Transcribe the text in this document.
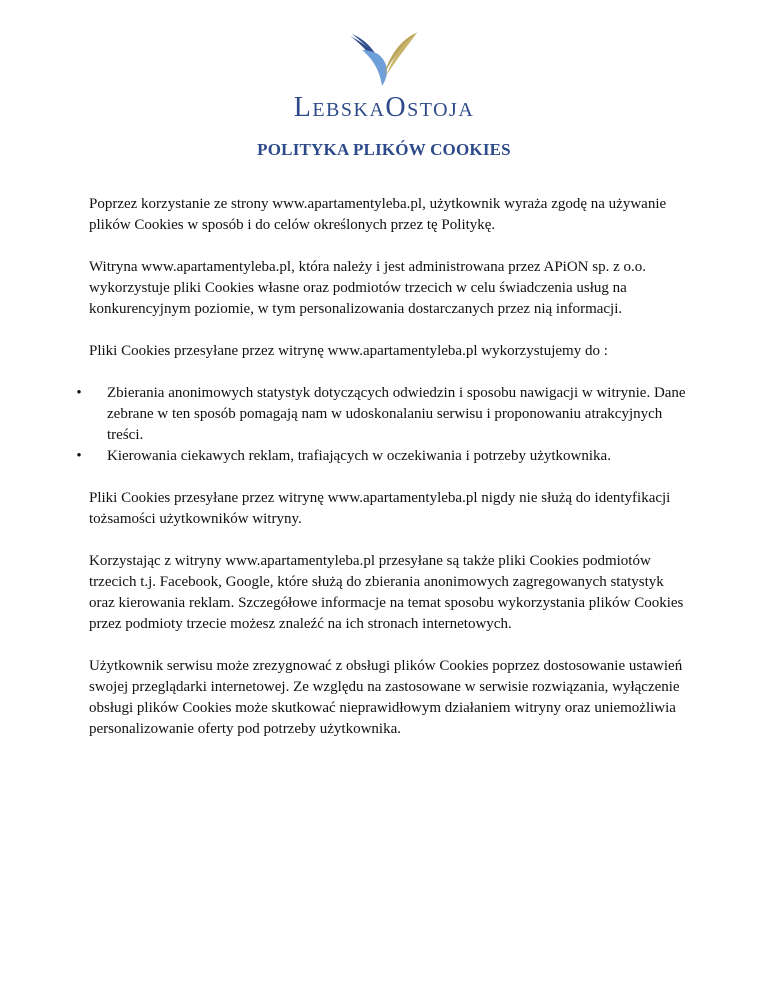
LebskaOstoja
POLITYKA PLIKÓW COOKIES

Poprzez korzystanie ze strony www.apartamentyleba.pl, użytkownik wyraża zgodę na używanie plików Cookies w sposób i do celów określonych przez tę Politykę.

Witryna www.apartamentyleba.pl, która należy i jest administrowana przez APiON sp. z o.o. wykorzystuje pliki Cookies własne oraz podmiotów trzecich w celu świadczenia usług na konkurencyjnym poziomie, w tym personalizowania dostarczanych przez nią informacji.

Pliki Cookies przesyłane przez witrynę www.apartamentyleba.pl wykorzystujemy do :

• Zbierania anonimowych statystyk dotyczących odwiedzin i sposobu nawigacji w witrynie. Dane zebrane w ten sposób pomagają nam w udoskonalaniu serwisu i proponowaniu atrakcyjnych treści.
• Kierowania ciekawych reklam, trafiających w oczekiwania i potrzeby użytkownika.

Pliki Cookies przesyłane przez witrynę www.apartamentyleba.pl nigdy nie służą do identyfikacji tożsamości użytkowników witryny.

Korzystając z witryny www.apartamentyleba.pl przesyłane są także pliki Cookies podmiotów trzecich t.j. Facebook, Google, które służą do zbierania anonimowych zagregowanych statystyk oraz kierowania reklam. Szczegółowe informacje na temat sposobu wykorzystania plików Cookies przez podmioty trzecie możesz znaleźć na ich stronach internetowych.

Użytkownik serwisu może zrezygnować z obsługi plików Cookies poprzez dostosowanie ustawień swojej przeglądarki internetowej. Ze względu na zastosowane w serwisie rozwiązania, wyłączenie obsługi plików Cookies może skutkować nieprawidłowym działaniem witryny oraz uniemożliwia personalizowanie oferty pod potrzeby użytkownika.
